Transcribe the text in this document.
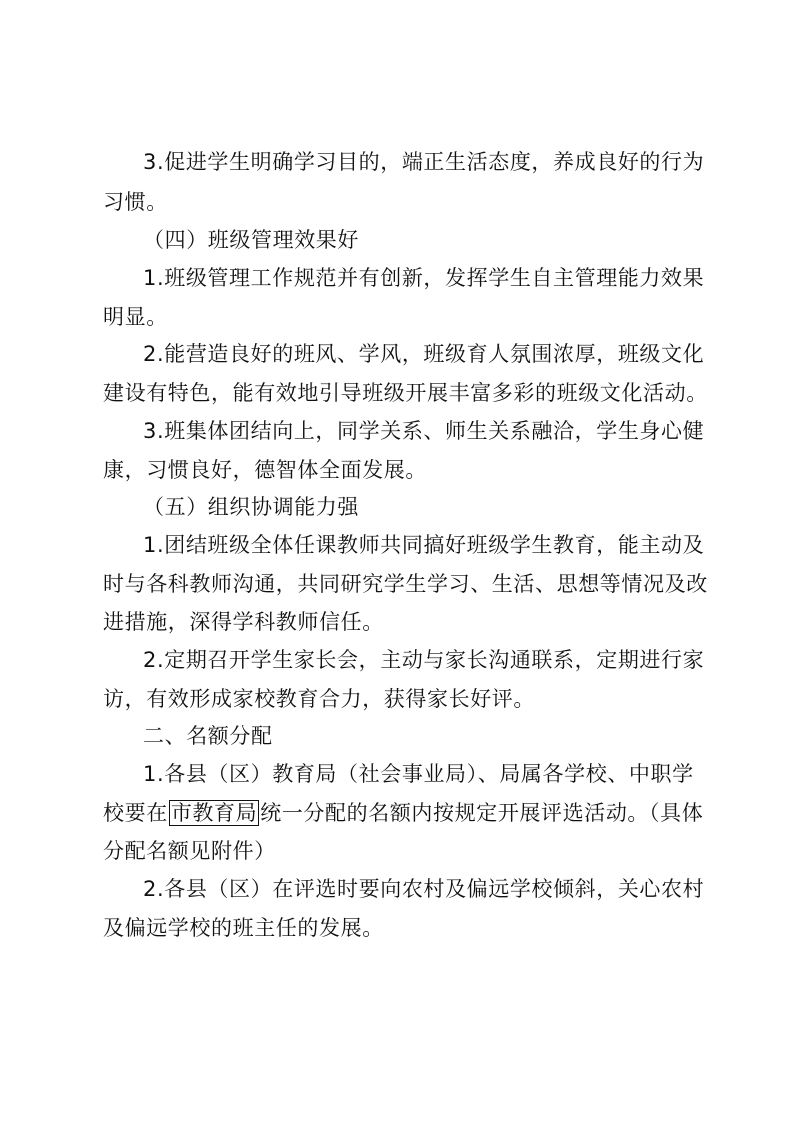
3.促进学生明确学习目的，端正生活态度，养成良好的行为
习惯。
（四）班级管理效果好
1.班级管理工作规范并有创新，发挥学生自主管理能力效果
明显。
2.能营造良好的班风、学风，班级育人氛围浓厚，班级文化
建设有特色，能有效地引导班级开展丰富多彩的班级文化活动。
3.班集体团结向上，同学关系、师生关系融洽，学生身心健
康，习惯良好，德智体全面发展。
（五）组织协调能力强
1.团结班级全体任课教师共同搞好班级学生教育，能主动及
时与各科教师沟通，共同研究学生学习、生活、思想等情况及改
进措施，深得学科教师信任。
2.定期召开学生家长会，主动与家长沟通联系，定期进行家
访，有效形成家校教育合力，获得家长好评。
二、名额分配
1.各县（区）教育局（社会事业局）、局属各学校、中职学
校要在 市教育局 统一分配的名额内按规定开展评选活动。（具体
分配名额见附件）
2.各县（区）在评选时要向农村及偏远学校倾斜，关心农村
及偏远学校的班主任的发展。
